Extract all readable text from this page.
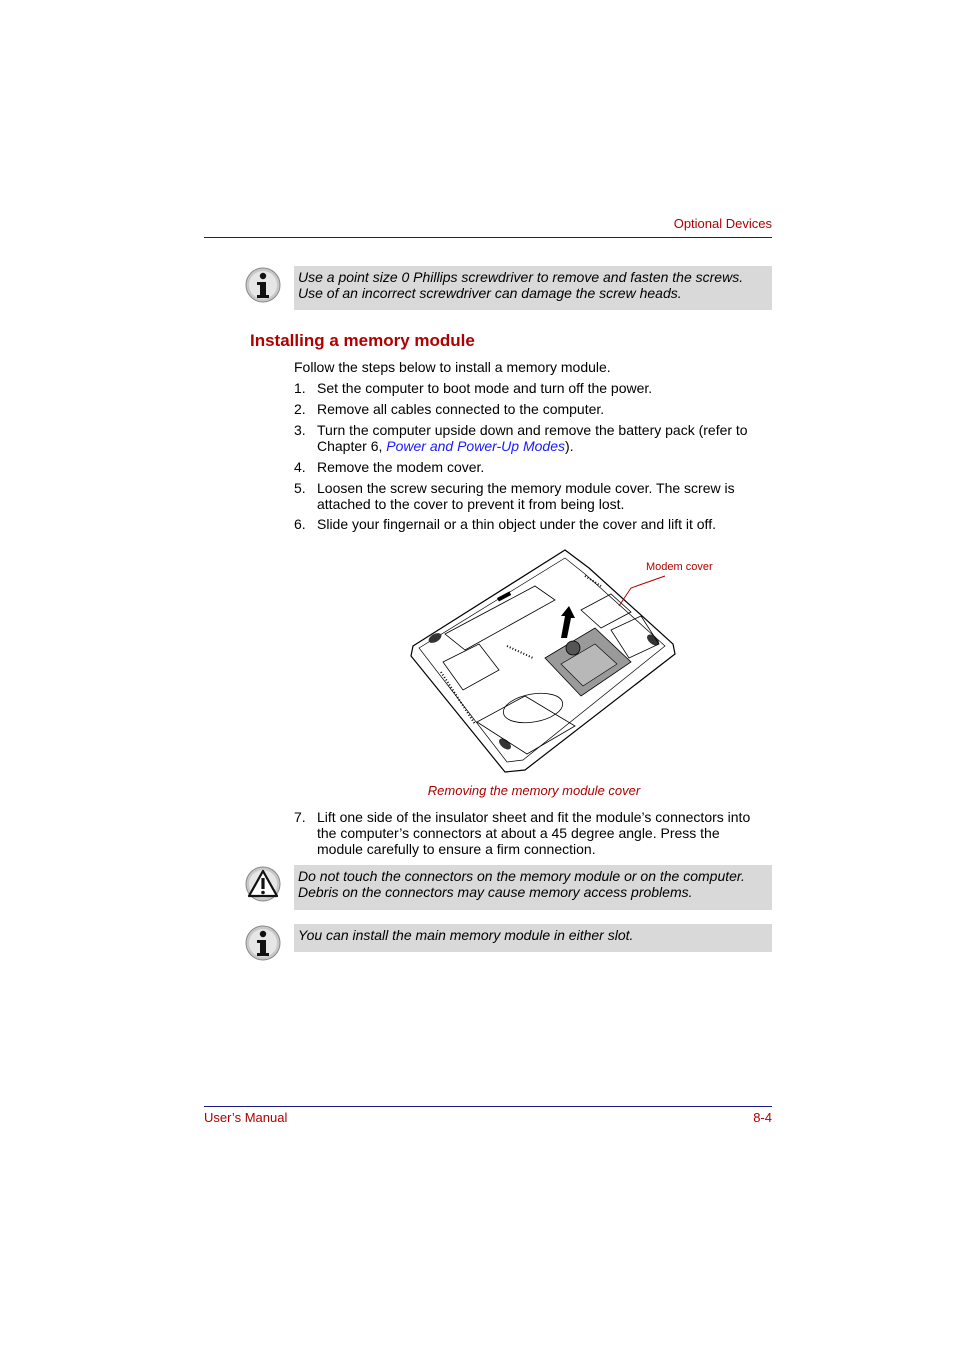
Optional Devices
Use a point size 0 Phillips screwdriver to remove and fasten the screws.
Use of an incorrect screwdriver can damage the screw heads.
Installing a memory module
Follow the steps below to install a memory module.
1. Set the computer to boot mode and turn off the power.
2. Remove all cables connected to the computer.
3. Turn the computer upside down and remove the battery pack (refer to
Chapter 6, Power and Power-Up Modes).
4. Remove the modem cover.
5. Loosen the screw securing the memory module cover. The screw is
attached to the cover to prevent it from being lost.
6. Slide your fingernail or a thin object under the cover and lift it off.
Modem cover
Removing the memory module cover
7. Lift one side of the insulator sheet and fit the module’s connectors into
the computer’s connectors at about a 45 degree angle. Press the
module carefully to ensure a firm connection.
Do not touch the connectors on the memory module or on the computer.
Debris on the connectors may cause memory access problems.
You can install the main memory module in either slot.
User’s Manual	8-4
